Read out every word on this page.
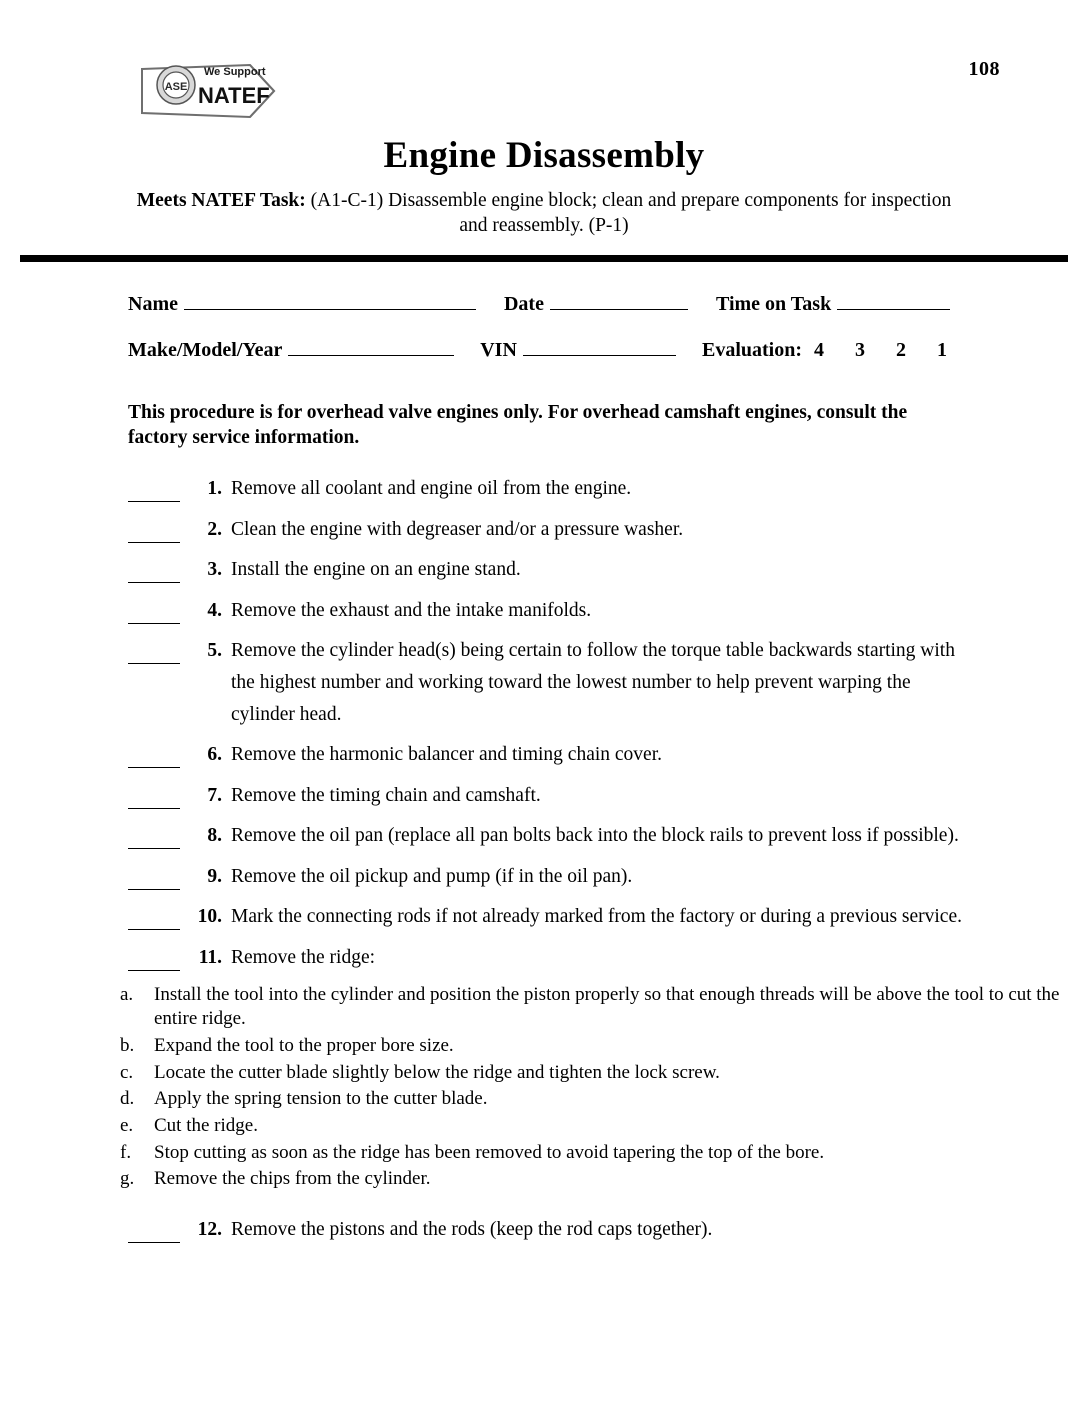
108
ASE
We Support
NATEF
Engine Disassembly
Meets NATEF Task: (A1-C-1) Disassemble engine block; clean and prepare components for inspection and reassembly. (P-1)
Name	Date	Time on Task
Make/Model/Year	VIN	Evaluation: 4 3 2 1
This procedure is for overhead valve engines only. For overhead camshaft engines, consult the factory service information.
1. Remove all coolant and engine oil from the engine.
2. Clean the engine with degreaser and/or a pressure washer.
3. Install the engine on an engine stand.
4. Remove the exhaust and the intake manifolds.
5. Remove the cylinder head(s) being certain to follow the torque table backwards starting with the highest number and working toward the lowest number to help prevent warping the cylinder head.
6. Remove the harmonic balancer and timing chain cover.
7. Remove the timing chain and camshaft.
8. Remove the oil pan (replace all pan bolts back into the block rails to prevent loss if possible).
9. Remove the oil pickup and pump (if in the oil pan).
10. Mark the connecting rods if not already marked from the factory or during a previous service.
11. Remove the ridge:
a.	Install the tool into the cylinder and position the piston properly so that enough threads will be above the tool to cut the entire ridge.
b.	Expand the tool to the proper bore size.
c.	Locate the cutter blade slightly below the ridge and tighten the lock screw.
d.	Apply the spring tension to the cutter blade.
e.	Cut the ridge.
f.	Stop cutting as soon as the ridge has been removed to avoid tapering the top of the bore.
g.	Remove the chips from the cylinder.
12. Remove the pistons and the rods (keep the rod caps together).
